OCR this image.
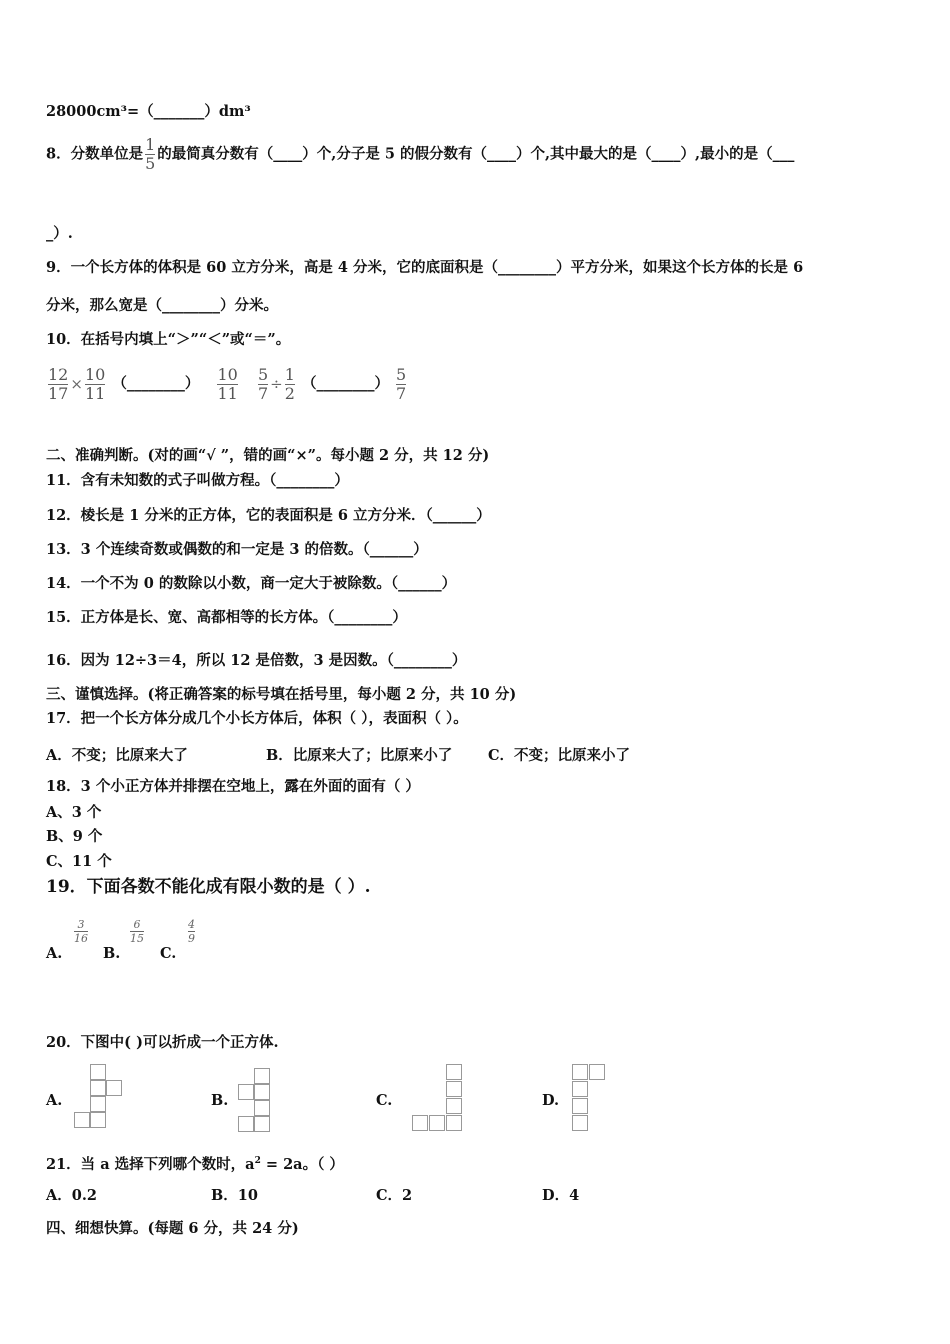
28000cm³=（_______）dm³
8．分数单位是 $\frac{1}{5}$ 的最简真分数有（____）个,分子是 5 的假分数有（____）个,其中最大的是（____）,最小的是（___
_）.
9．一个长方体的体积是 60 立方分米，高是 4 分米，它的底面积是（________）平方分米，如果这个长方体的长是 6
分米，那么宽是（________）分米。
10．在括号内填上“＞”“＜”或“＝”。
$\frac{12}{17} \times \frac{10}{11}$ （________） $\frac{10}{11}$
$\frac{5}{7} \div \frac{1}{2}$ （________） $\frac{5}{7}$
二、准确判断。(对的画“√ ”，错的画“×”。每小题 2 分，共 12 分)
11．含有未知数的式子叫做方程。（________）
12．棱长是 1 分米的正方体，它的表面积是 6 立方分米．（______）
13．3 个连续奇数或偶数的和一定是 3 的倍数。（______）
14．一个不为 0 的数除以小数，商一定大于被除数。（______）
15．正方体是长、宽、高都相等的长方体。（________）
16．因为 12÷3＝4，所以 12 是倍数，3 是因数。（________）
三、谨慎选择。(将正确答案的标号填在括号里，每小题 2 分，共 10 分)
17．把一个长方体分成几个小长方体后，体积（ ），表面积（ ）。
A．不变；比原来大了	B．比原来大了；比原来小了 C．不变；比原来小了
18．3 个小正方体并排摆在空地上，露在外面的面有（ ）
A、3 个
B、9 个
C、11 个
19．下面各数不能化成有限小数的是（ ）.
A.
3
16
B.
6
15
C.
4
9
20．下图中( )可以折成一个正方体.
A.	B.	C.	D.
21．当 a 选择下列哪个数时，$a^2 = 2a$。（ ）
A．0.2	B．10	C．2	D．4
四、细想快算。(每题 6 分，共 24 分)
